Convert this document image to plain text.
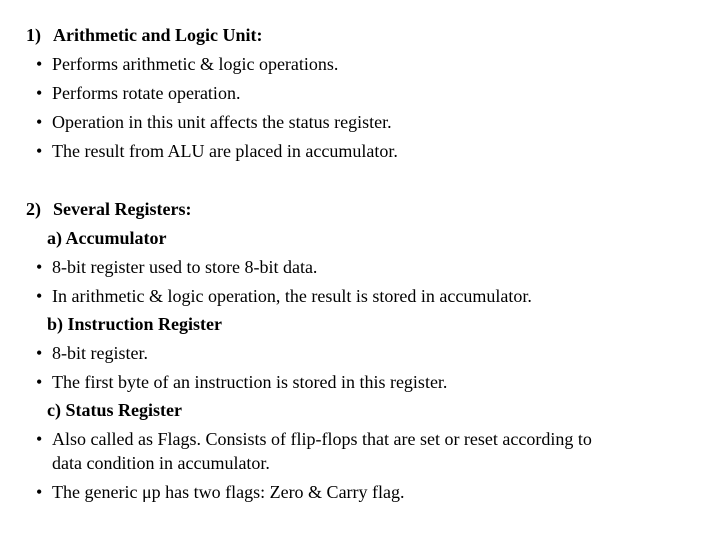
1) Arithmetic and Logic Unit:
• Performs arithmetic & logic operations.
• Performs rotate operation.
• Operation in this unit affects the status register.
• The result from ALU are placed in accumulator.
2) Several Registers:
a) Accumulator
• 8-bit register used to store 8-bit data.
• In arithmetic & logic operation, the result is stored in accumulator.
b) Instruction Register
• 8-bit register.
• The first byte of an instruction is stored in this register.
c) Status Register
• Also called as Flags. Consists of flip-flops that are set or reset according to
data condition in accumulator.
• The generic μp has two flags: Zero & Carry flag.
